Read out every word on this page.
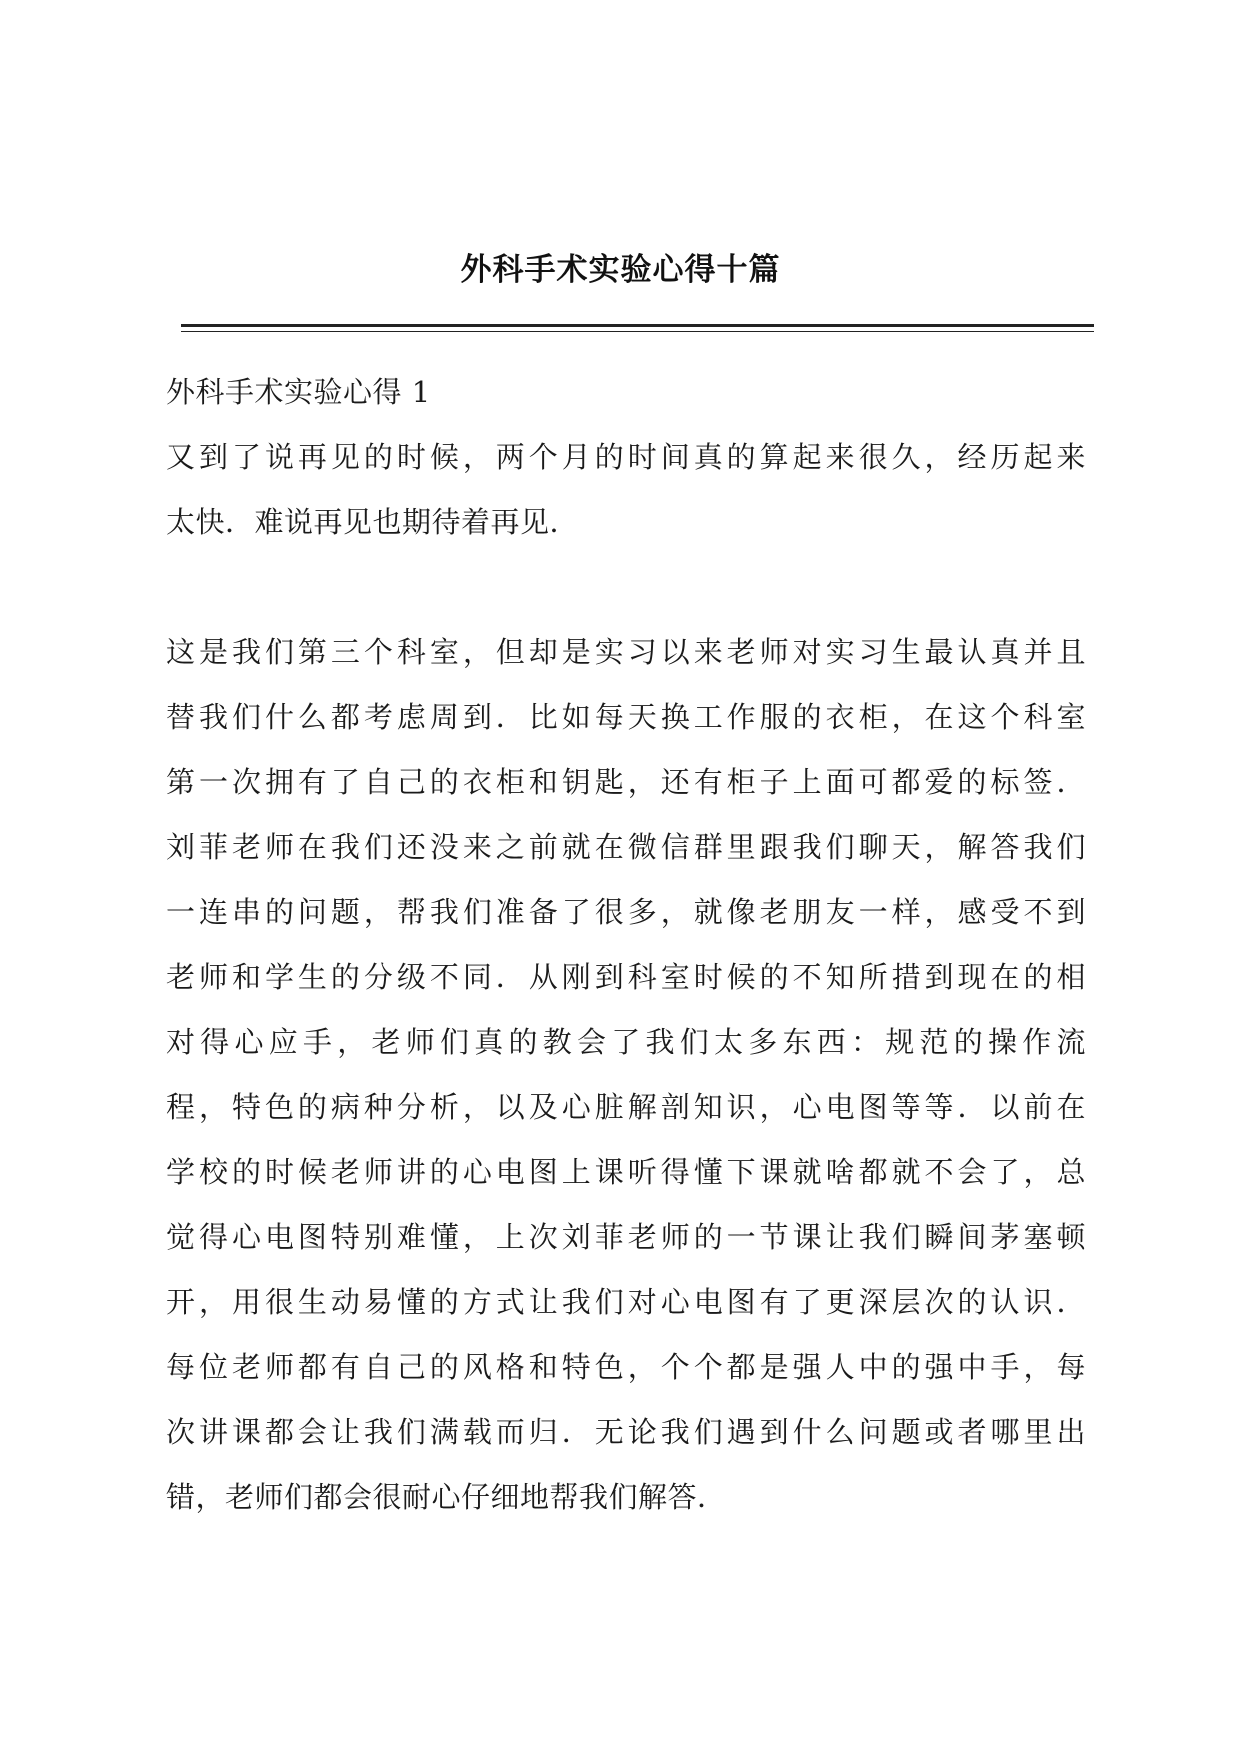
外科手术实验心得十篇
外科手术实验心得 1
又到了说再见的时候，两个月的时间真的算起来很久，经历起来
太快．难说再见也期待着再见．
这是我们第三个科室，但却是实习以来老师对实习生最认真并且
替我们什么都考虑周到．比如每天换工作服的衣柜，在这个科室
第一次拥有了自己的衣柜和钥匙，还有柜子上面可都爱的标签．
刘菲老师在我们还没来之前就在微信群里跟我们聊天，解答我们
一连串的问题，帮我们准备了很多，就像老朋友一样，感受不到
老师和学生的分级不同．从刚到科室时候的不知所措到现在的相
对得心应手，老师们真的教会了我们太多东西：规范的操作流
程，特色的病种分析，以及心脏解剖知识，心电图等等．以前在
学校的时候老师讲的心电图上课听得懂下课就啥都就不会了，总
觉得心电图特别难懂，上次刘菲老师的一节课让我们瞬间茅塞顿
开，用很生动易懂的方式让我们对心电图有了更深层次的认识．
每位老师都有自己的风格和特色，个个都是强人中的强中手，每
次讲课都会让我们满载而归．无论我们遇到什么问题或者哪里出
错，老师们都会很耐心仔细地帮我们解答．
